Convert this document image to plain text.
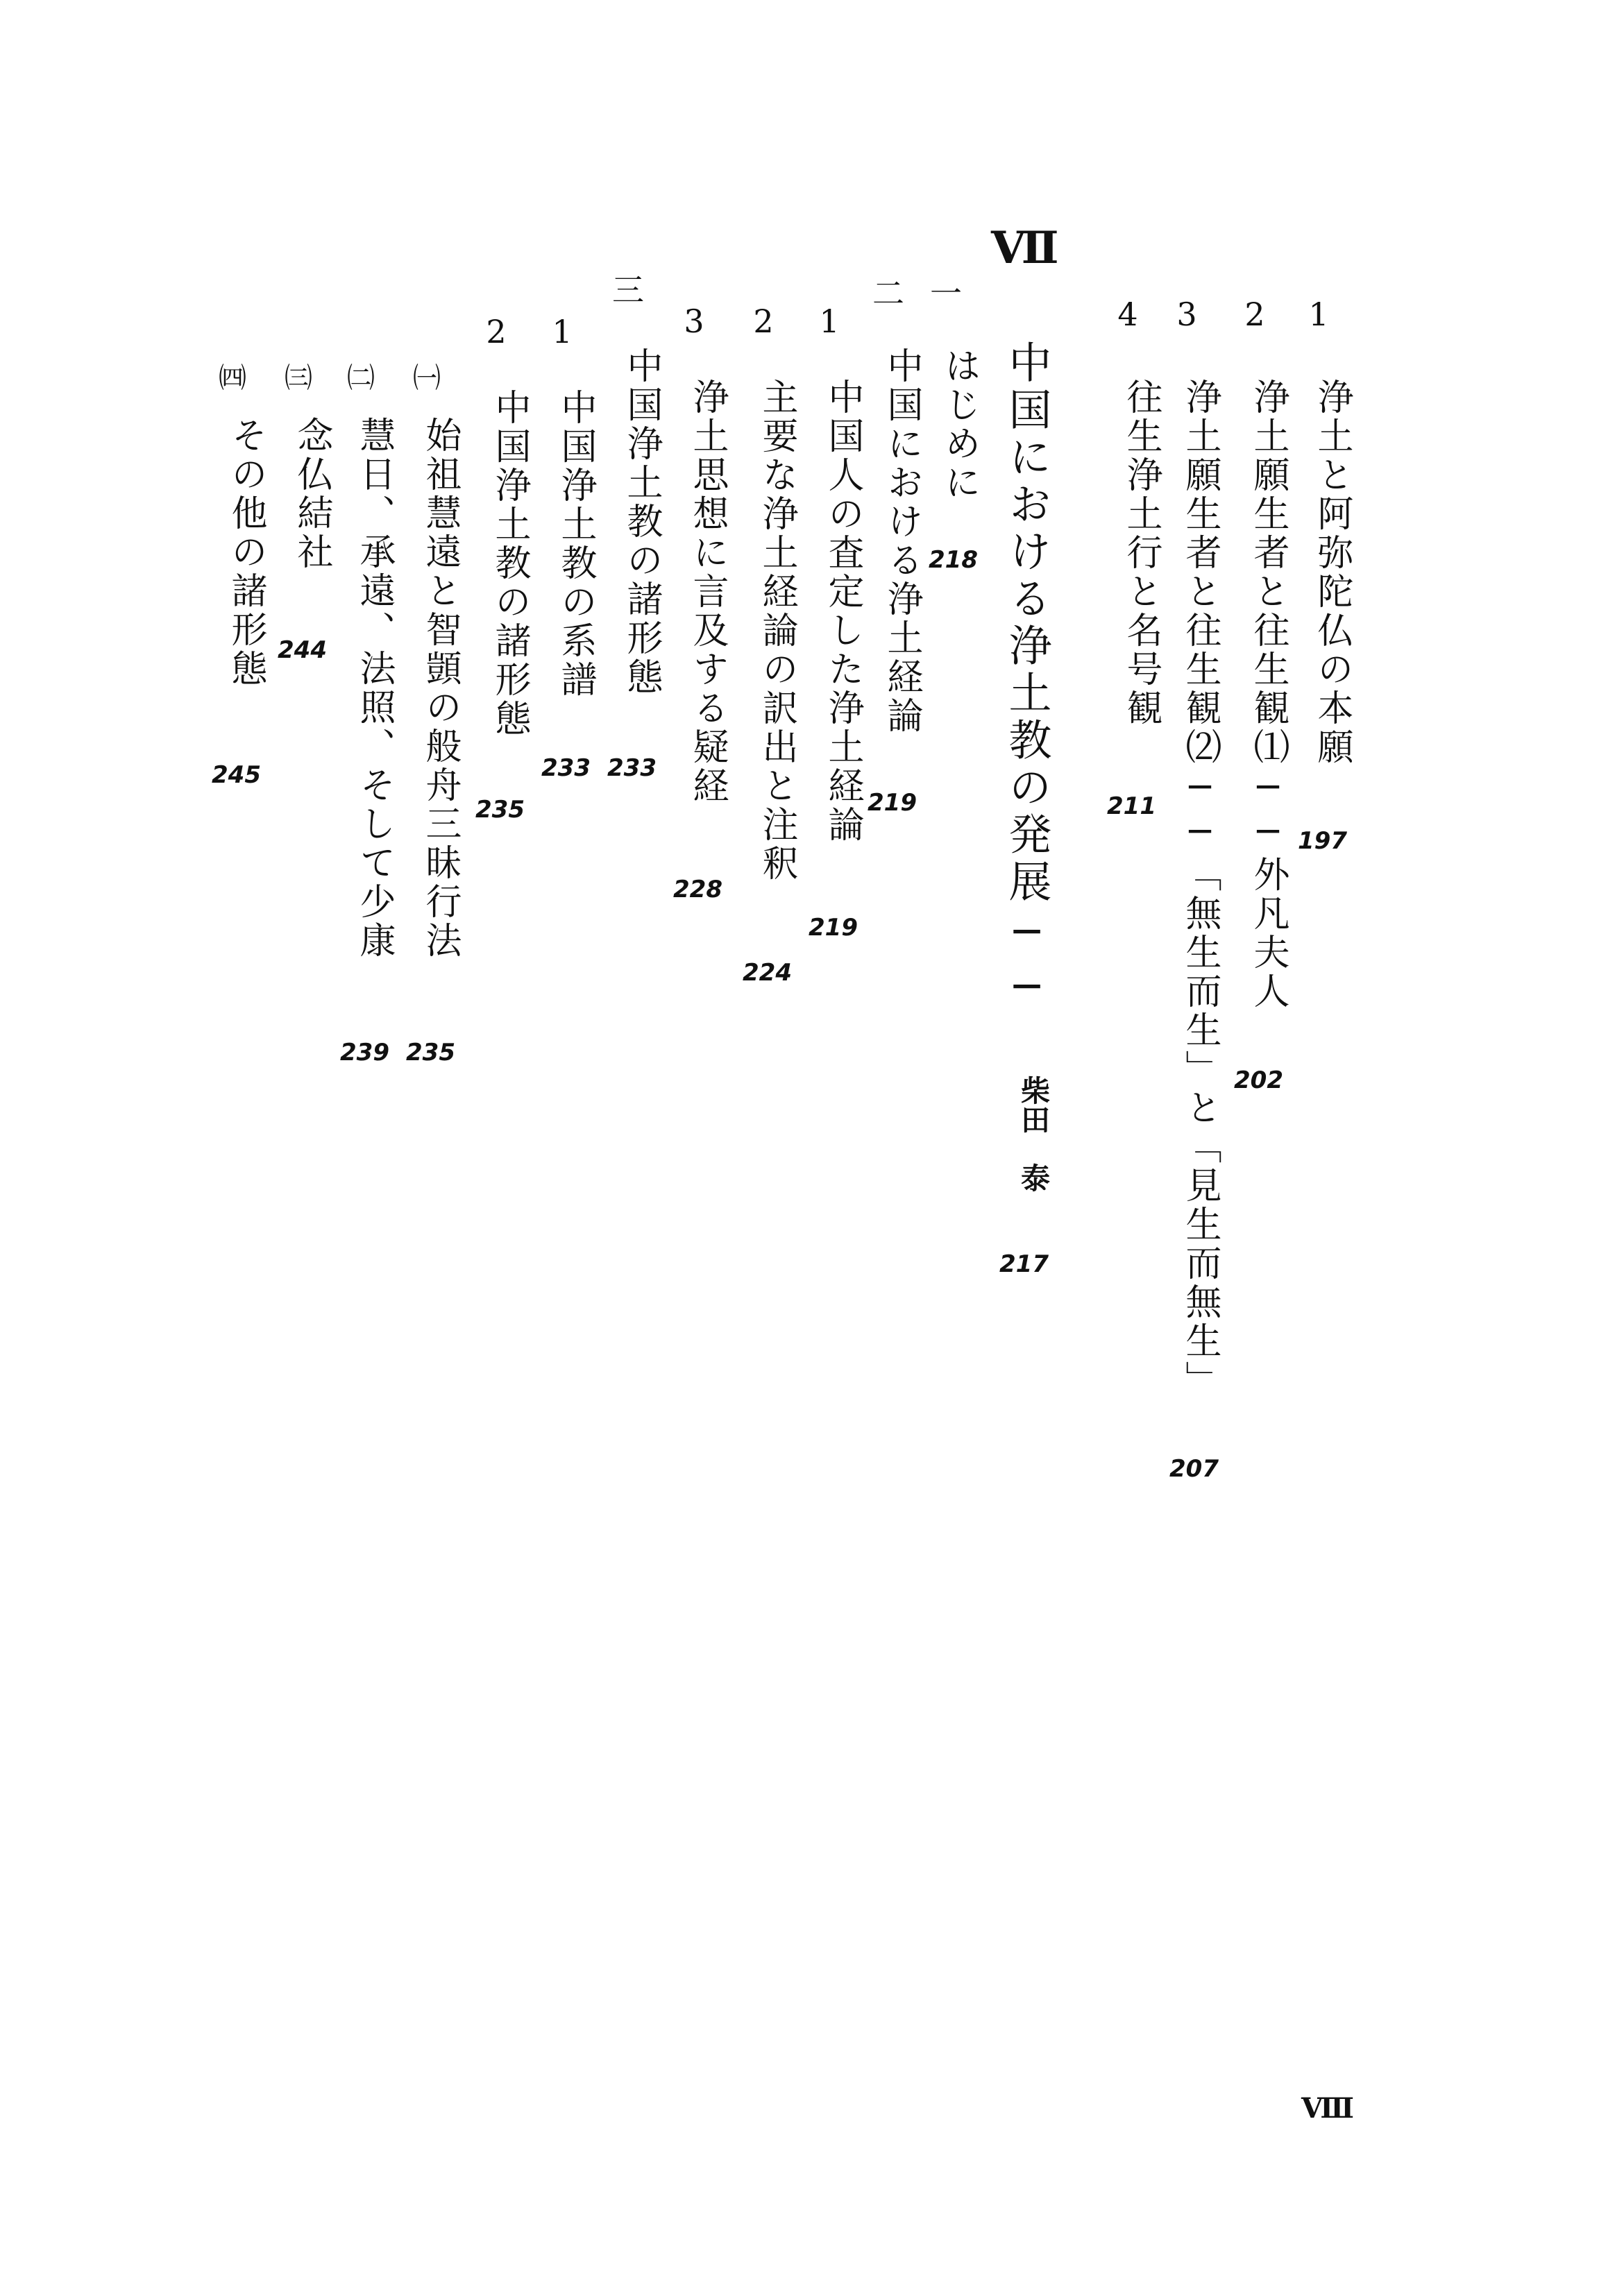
Ⅶ
1
浄土と阿弥陀仏の本願
197
2
浄土願生者と往生観⑴──外凡夫人
202
3
浄土願生者と往生観⑵──「無生而生」と「見生而無生」
207
4
往生浄土行と名号観
211
中国における浄土教の発展──
柴田　泰
217
一
はじめに
218
二
中国における浄土経論
219
1
中国人の査定した浄土経論
219
2
主要な浄土経論の訳出と注釈
224
3
浄土思想に言及する疑経
228
三
中国浄土教の諸形態
233
1
中国浄土教の系譜
233
2
中国浄土教の諸形態
235
㈠
始祖慧遠と智顗の般舟三昧行法
235
㈡
慧日、承遠、法照、そして少康
239
㈢
念仏結社
244
㈣
その他の諸形態
245
Ⅷ
